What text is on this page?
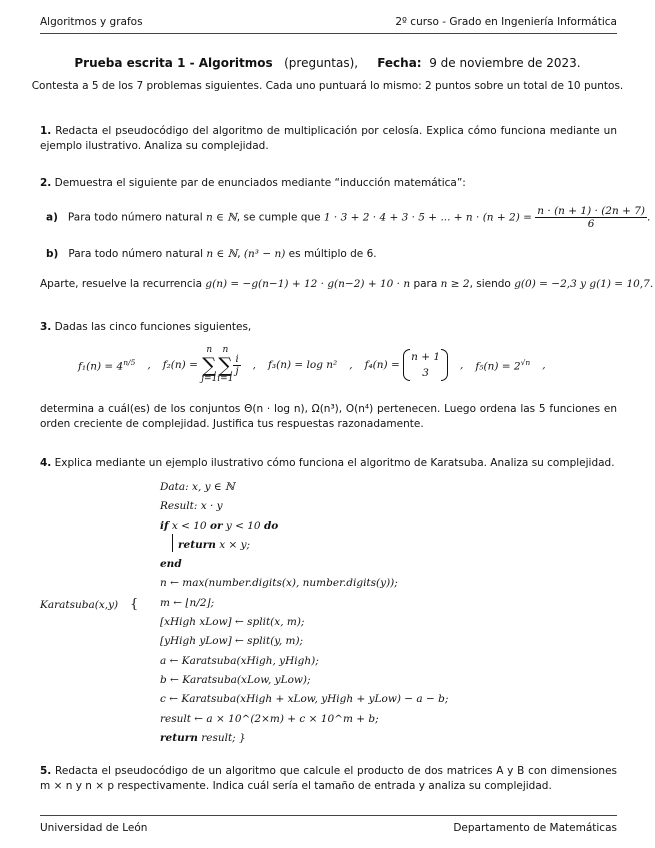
Algoritmos y grafos	2º curso - Grado en Ingeniería Informática
Prueba escrita 1 - Algoritmos (preguntas), Fecha: 9 de noviembre de 2023.
Contesta a 5 de los 7 problemas siguientes. Cada uno puntuará lo mismo: 2 puntos sobre un total de 10 puntos.
1. Redacta el pseudocódigo del algoritmo de multiplicación por celosía. Explica cómo funciona mediante un ejemplo ilustrativo. Analiza su complejidad.
2. Demuestra el siguiente par de enunciados mediante “inducción matemática”:
a) Para todo número natural n ∈ ℕ, se cumple que 1 · 3 + 2 · 4 + 3 · 5 + ... + $n \cdot (n + 2) = \frac{n \cdot (n + 1) \cdot (2n + 7)}{6}$ .
b) Para todo número natural n ∈ ℕ, (n³ − n) es múltiplo de 6.
Aparte, resuelve la recurrencia g(n) = −g(n−1) + 12 · g(n−2) + 10 · n para n ≥ 2, siendo g(0) = −2,3 y g(1) = 10,7.
3. Dadas las cinco funciones siguientes,
$f_1(n) = 4^{n/5}$ , f₂(n) =

n
∑
j=1
n
∑
i=1
$\frac{i}{j}$ , f₃(n) = log n² , f₄(n) =

n + 1
3
, $f_5(n) = 2^{√n}$ ,
determina a cuál(es) de los conjuntos Θ(n · log n), Ω(n³), O(n⁴) pertenecen. Luego ordena las 5 funciones en orden creciente de complejidad. Justifica tus respuestas razonadamente.
4. Explica mediante un ejemplo ilustrativo cómo funciona el algoritmo de Karatsuba. Analiza su complejidad.
Karatsuba(x,y) {
Data: x, y ∈ ℕ
Result: x · y
if x < 10 or y < 10 do
return x × y;
end
n ← max(number.digits(x), number.digits(y));
m ← ⌊n/2⌋;
[xHigh xLow] ← split(x, m);
[yHigh yLow] ← split(y, m);
a ← Karatsuba(xHigh, yHigh);
b ← Karatsuba(xLow, yLow);
c ← Karatsuba(xHigh + xLow, yHigh + yLow) − a − b;
result ← a × 10^(2×m) + c × 10^m + b;
return result; }
5. Redacta el pseudocódigo de un algoritmo que calcule el producto de dos matrices A y B con dimensiones m × n y n × p respectivamente. Indica cuál sería el tamaño de entrada y analiza su complejidad.
Universidad de León	Departamento de Matemáticas
